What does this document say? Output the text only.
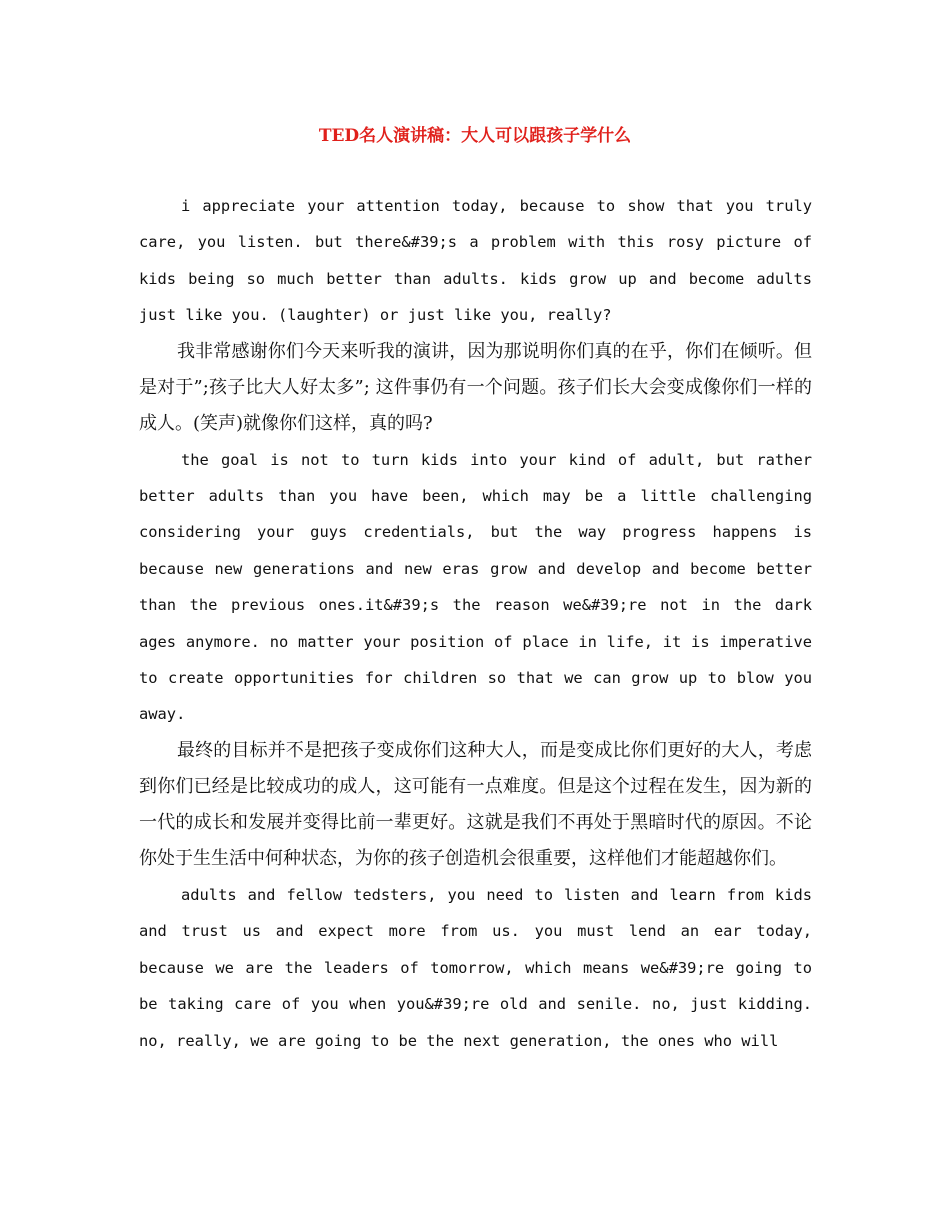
TED名人演讲稿：大人可以跟孩子学什么

i appreciate your attention today, because to show that you truly care, you listen. but there&#39;s a problem with this rosy picture of kids being so much better than adults. kids grow up and become adults just like you. (laughter) or just like you, really?

我非常感谢你们今天来听我的演讲，因为那说明你们真的在乎，你们在倾听。但是对于”;孩子比大人好太多”; 这件事仍有一个问题。孩子们长大会变成像你们一样的成人。(笑声)就像你们这样，真的吗?

the goal is not to turn kids into your kind of adult, but rather better adults than you have been, which may be a little challenging considering your guys credentials, but the way progress happens is because new generations and new eras grow and develop and become better than the previous ones.it&#39;s the reason we&#39;re not in the dark ages anymore. no matter your position of place in life, it is imperative to create opportunities for children so that we can grow up to blow you away.

最终的目标并不是把孩子变成你们这种大人，而是变成比你们更好的大人，考虑到你们已经是比较成功的成人，这可能有一点难度。但是这个过程在发生，因为新的一代的成长和发展并变得比前一辈更好。这就是我们不再处于黑暗时代的原因。不论你处于生生活中何种状态，为你的孩子创造机会很重要，这样他们才能超越你们。

adults and fellow tedsters, you need to listen and learn from kids and trust us and expect more from us. you must lend an ear today, because we are the leaders of tomorrow, which means we&#39;re going to be taking care of you when you&#39;re old and senile. no, just kidding. no, really, we are going to be the next generation, the ones who will
